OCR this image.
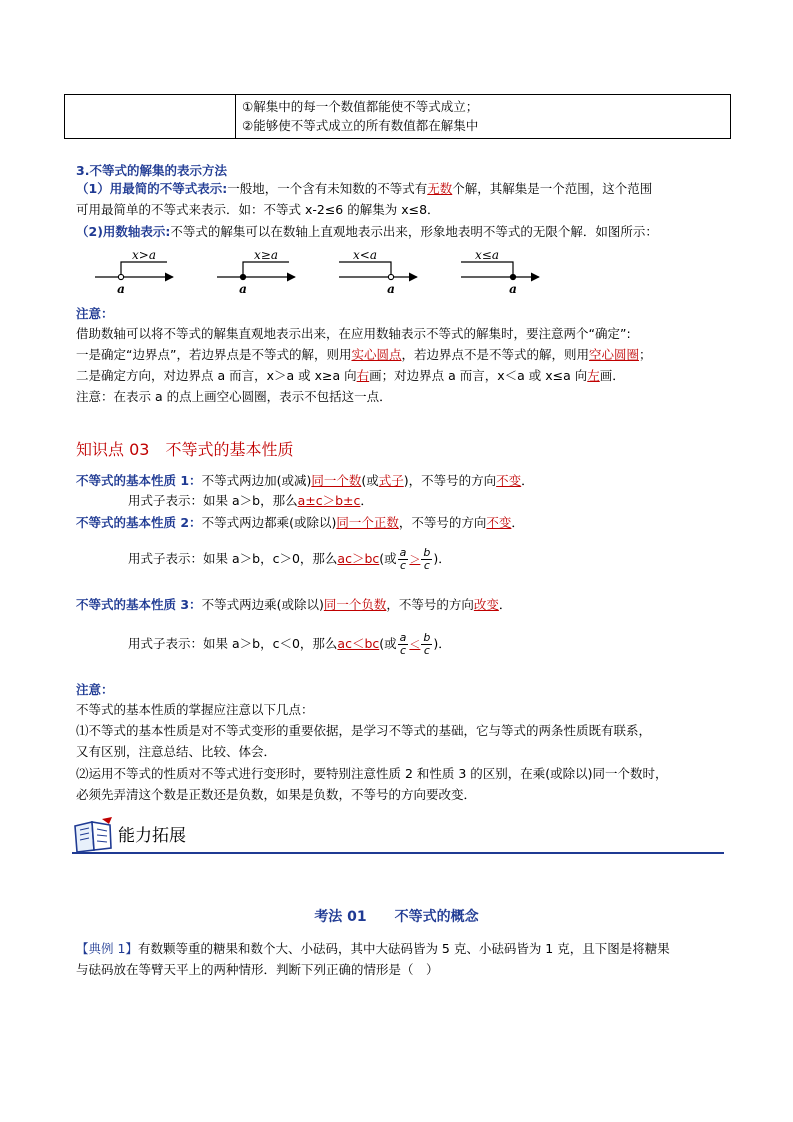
①解集中的每一个数值都能使不等式成立；
②能够使不等式成立的所有数值都在解集中
3.不等式的解集的表示方法
（1）用最简的不等式表示:一般地，一个含有未知数的不等式有无数个解，其解集是一个范围，这个范围
可用最简单的不等式来表示．如：不等式 x-2≤6 的解集为 x≤8．
（2)用数轴表示:不等式的解集可以在数轴上直观地表示出来，形象地表明不等式的无限个解．如图所示：
x>a
a
x≥a
a
x<a
a
x≤a
a
注意：
借助数轴可以将不等式的解集直观地表示出来，在应用数轴表示不等式的解集时，要注意两个“确定”:
一是确定“边界点”，若边界点是不等式的解，则用实心圆点，若边界点不是不等式的解，则用空心圆圈；
二是确定方向，对边界点 a 而言，x＞a 或 x≥a 向右画；对边界点 a 而言，x＜a 或 x≤a 向左画．
注意：在表示 a 的点上画空心圆圈，表示不包括这一点．
知识点 03　不等式的基本性质
不等式的基本性质 1：不等式两边加(或减)同一个数(或式子)，不等号的方向不变．
用式子表示：如果 a＞b，那么a±c＞b±c．
不等式的基本性质 2：不等式两边都乘(或除以)同一个正数，不等号的方向不变．
用式子表示：如果 a＞b，c＞0，那么ac＞bc(或 $\frac{a}{c} > \frac{b}{c}$ )．
不等式的基本性质 3：不等式两边乘(或除以)同一个负数，不等号的方向改变．
用式子表示：如果 a＞b，c＜0，那么ac＜bc(或 $\frac{a}{c} < \frac{b}{c}$ )．
注意：
不等式的基本性质的掌握应注意以下几点：
⑴不等式的基本性质是对不等式变形的重要依据，是学习不等式的基础，它与等式的两条性质既有联系，
又有区别，注意总结、比较、体会．
⑵运用不等式的性质对不等式进行变形时，要特别注意性质 2 和性质 3 的区别，在乘(或除以)同一个数时，
必须先弄清这个数是正数还是负数，如果是负数，不等号的方向要改变．
能力拓展
考法 01　　不等式的概念
【典例 1】有数颗等重的糖果和数个大、小砝码，其中大砝码皆为 5 克、小砝码皆为 1 克，且下图是将糖果
与砝码放在等臂天平上的两种情形．判断下列正确的情形是（　）
